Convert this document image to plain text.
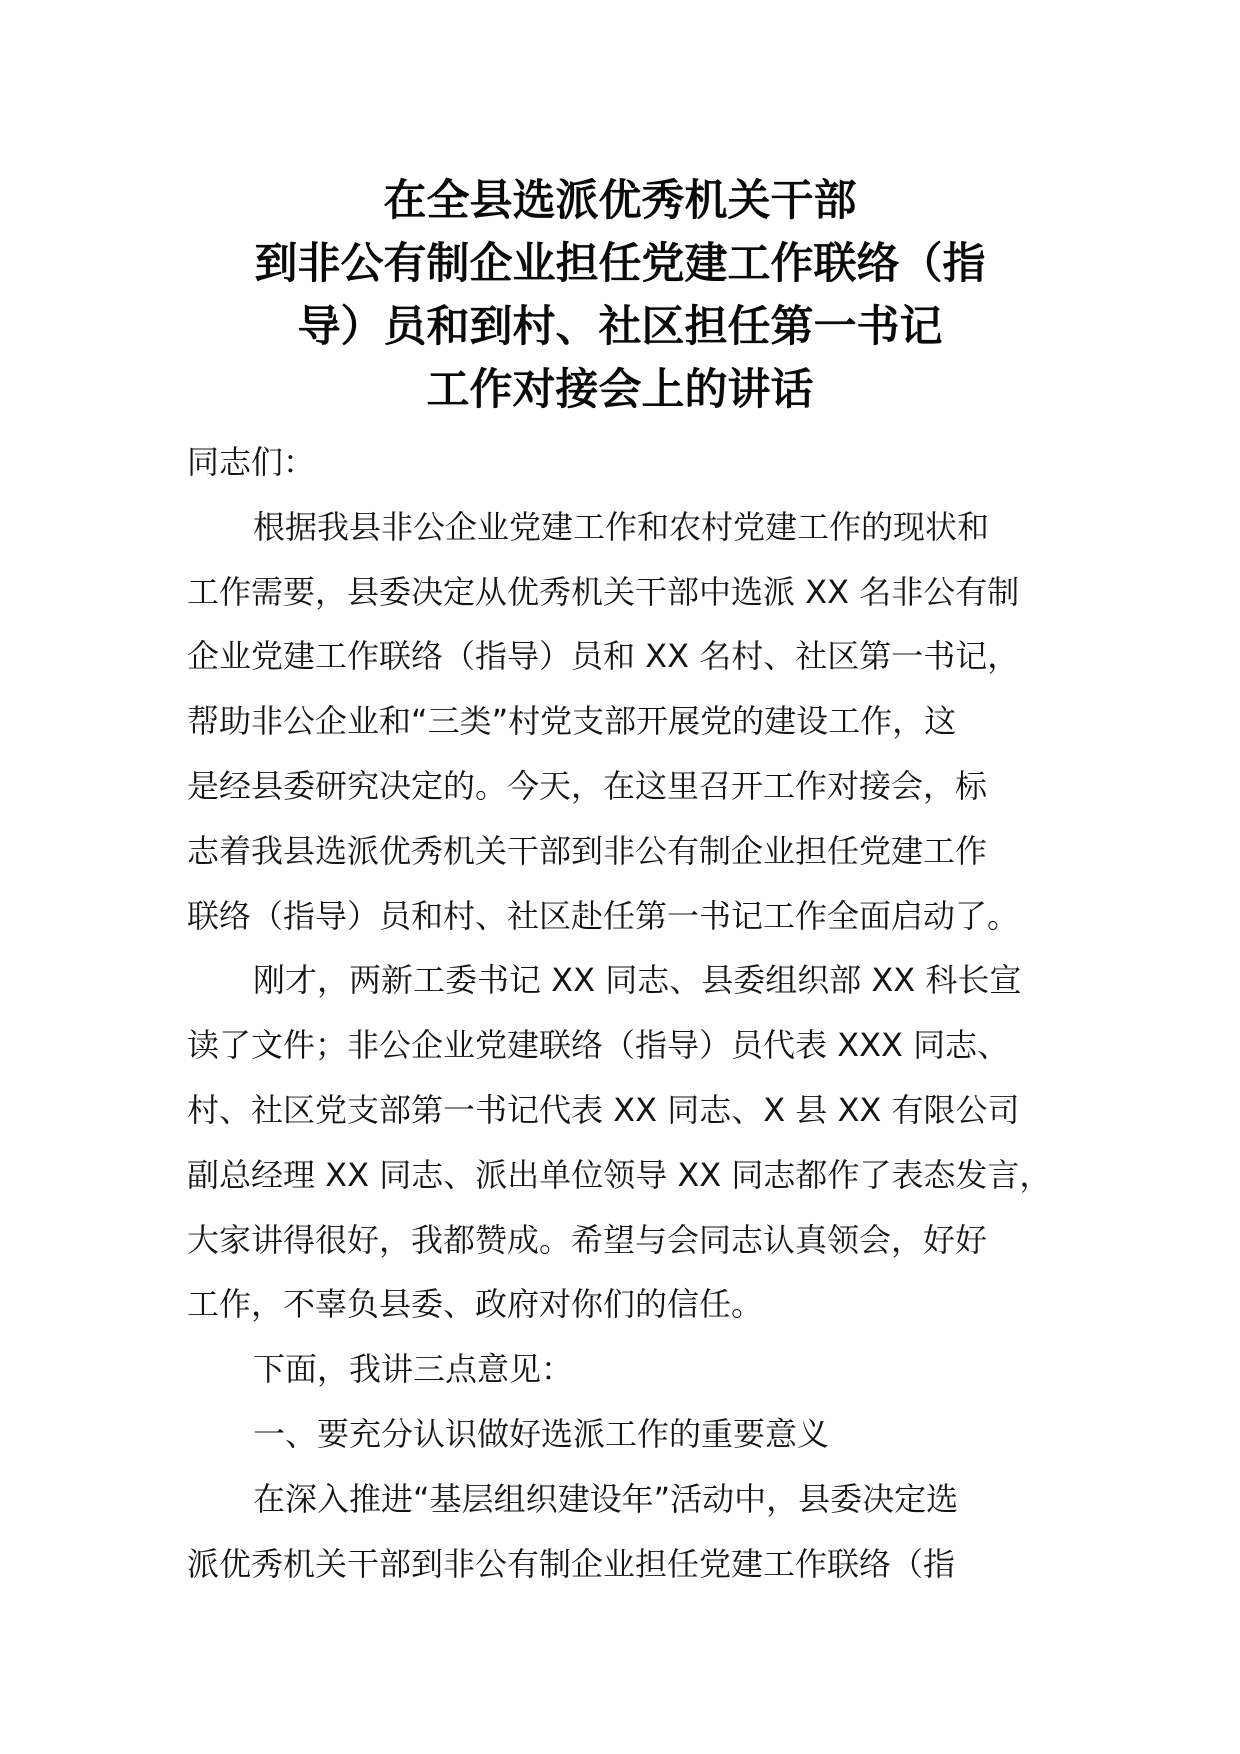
在全县选派优秀机关干部
到非公有制企业担任党建工作联络（指
导）员和到村、社区担任第一书记
工作对接会上的讲话
同志们：
根据我县非公企业党建工作和农村党建工作的现状和
工作需要，县委决定从优秀机关干部中选派 XX 名非公有制
企业党建工作联络（指导）员和 XX 名村、社区第一书记，
帮助非公企业和“三类”村党支部开展党的建设工作，这
是经县委研究决定的。今天，在这里召开工作对接会，标
志着我县选派优秀机关干部到非公有制企业担任党建工作
联络（指导）员和村、社区赴任第一书记工作全面启动了。
刚才，两新工委书记 XX 同志、县委组织部 XX 科长宣
读了文件；非公企业党建联络（指导）员代表 XXX 同志、
村、社区党支部第一书记代表 XX 同志、X 县 XX 有限公司
副总经理 XX 同志、派出单位领导 XX 同志都作了表态发言，
大家讲得很好，我都赞成。希望与会同志认真领会，好好
工作，不辜负县委、政府对你们的信任。
下面，我讲三点意见：
一、要充分认识做好选派工作的重要意义
在深入推进“基层组织建设年”活动中，县委决定选
派优秀机关干部到非公有制企业担任党建工作联络（指
